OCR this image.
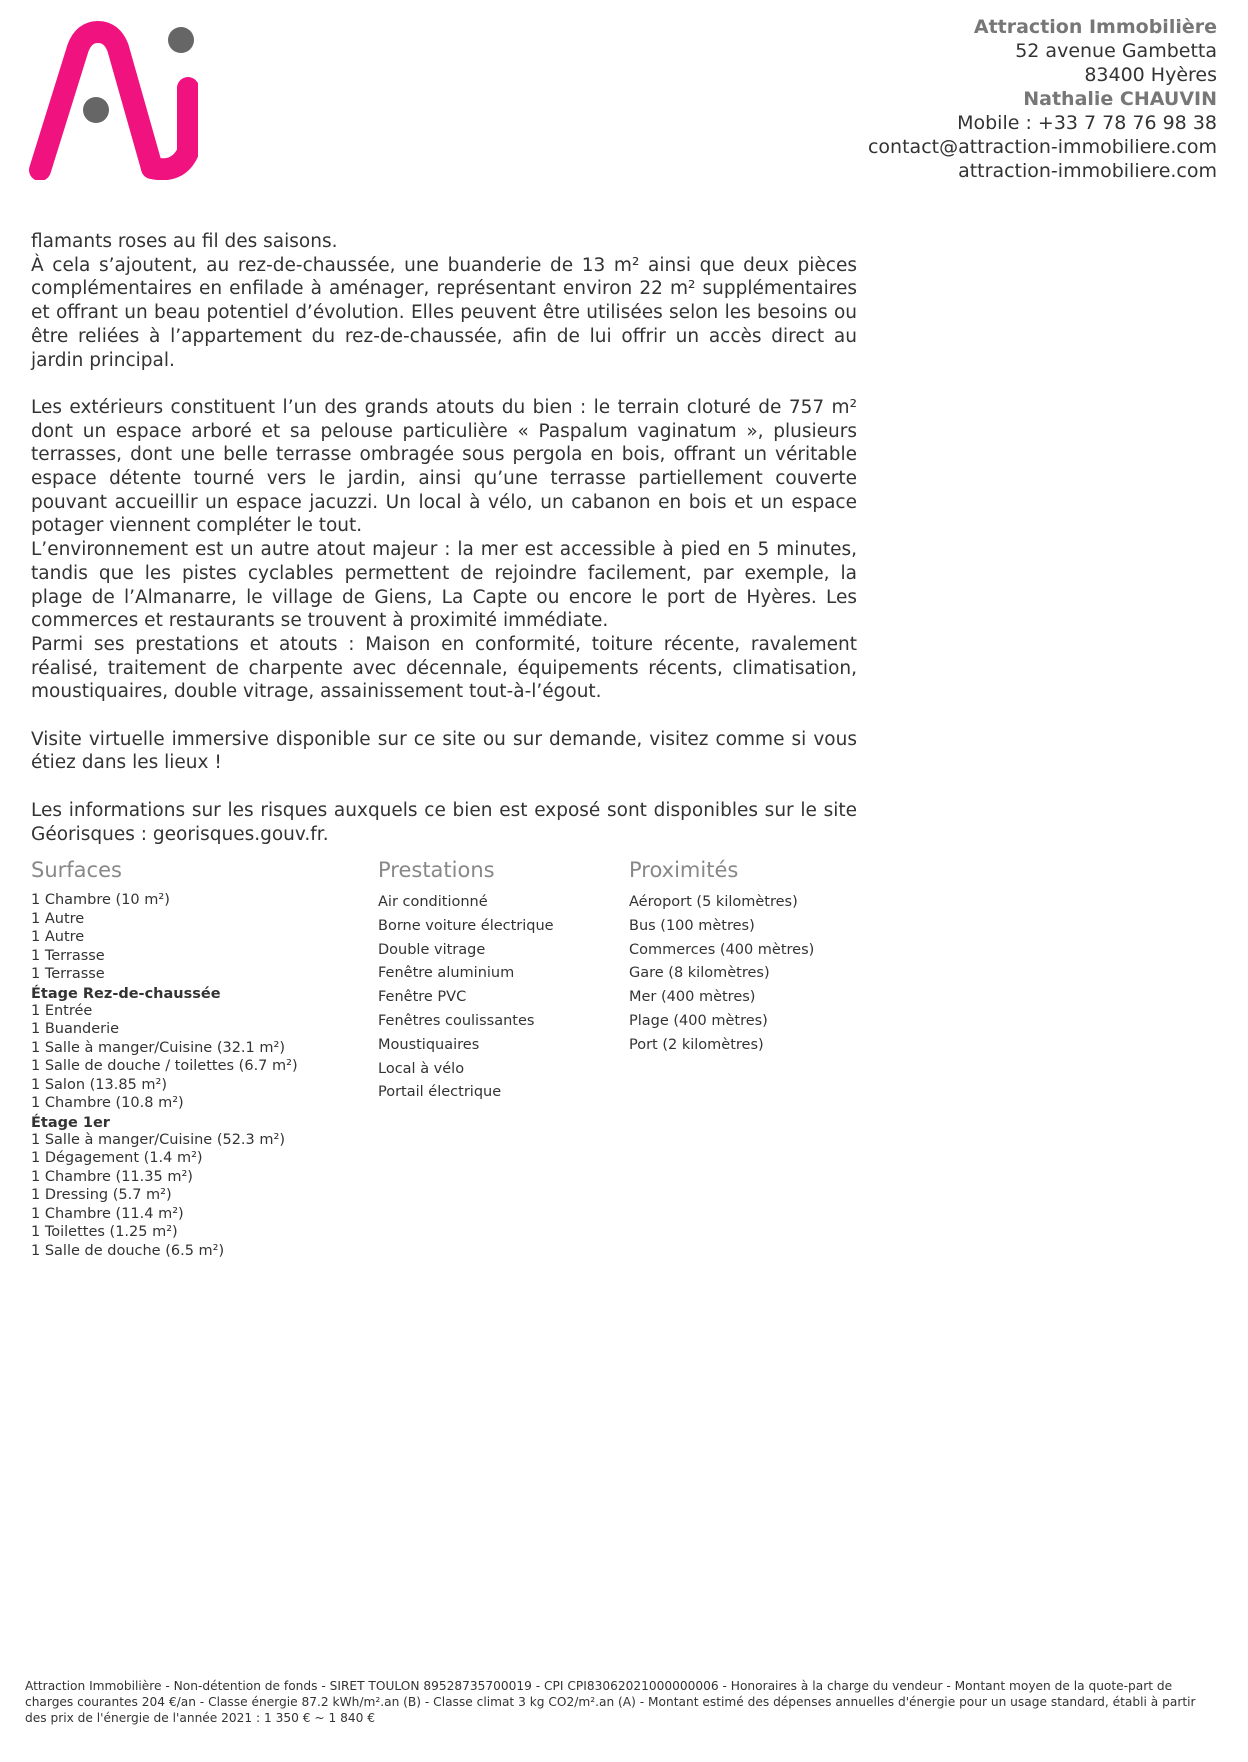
Attraction Immobilière
52 avenue Gambetta
83400 Hyères
Nathalie CHAUVIN
Mobile : +33 7 78 76 98 38
contact@attraction-immobiliere.com
attraction-immobiliere.com

flamants roses au fil des saisons.

À cela s’ajoutent, au rez-de-chaussée, une buanderie de 13 m² ainsi que deux pièces complémentaires en enfilade à aménager, représentant environ 22 m² supplémentaires et offrant un beau potentiel d’évolution. Elles peuvent être utilisées selon les besoins ou être reliées à l’appartement du rez-de-chaussée, afin de lui offrir un accès direct au jardin principal.

Les extérieurs constituent l’un des grands atouts du bien : le terrain cloturé de 757 m² dont un espace arboré et sa pelouse particulière « Paspalum vaginatum », plusieurs terrasses, dont une belle terrasse ombragée sous pergola en bois, offrant un véritable espace détente tourné vers le jardin, ainsi qu’une terrasse partiellement couverte pouvant accueillir un espace jacuzzi. Un local à vélo, un cabanon en bois et un espace potager viennent compléter le tout.

L’environnement est un autre atout majeur : la mer est accessible à pied en 5 minutes, tandis que les pistes cyclables permettent de rejoindre facilement, par exemple, la plage de l’Almanarre, le village de Giens, La Capte ou encore le port de Hyères. Les commerces et restaurants se trouvent à proximité immédiate.

Parmi ses prestations et atouts : Maison en conformité, toiture récente, ravalement réalisé, traitement de charpente avec décennale, équipements récents, climatisation, moustiquaires, double vitrage, assainissement tout-à-l’égout.

Visite virtuelle immersive disponible sur ce site ou sur demande, visitez comme si vous étiez dans les lieux !

Les informations sur les risques auxquels ce bien est exposé sont disponibles sur le site Géorisques : georisques.gouv.fr.

Surfaces
1 Chambre (10 m²)
1 Autre
1 Autre
1 Terrasse
1 Terrasse
Étage Rez-de-chaussée
1 Entrée
1 Buanderie
1 Salle à manger/Cuisine (32.1 m²)
1 Salle de douche / toilettes (6.7 m²)
1 Salon (13.85 m²)
1 Chambre (10.8 m²)
Étage 1er
1 Salle à manger/Cuisine (52.3 m²)
1 Dégagement (1.4 m²)
1 Chambre (11.35 m²)
1 Dressing (5.7 m²)
1 Chambre (11.4 m²)
1 Toilettes (1.25 m²)
1 Salle de douche (6.5 m²)
Prestations
Air conditionné
Borne voiture électrique
Double vitrage
Fenêtre aluminium
Fenêtre PVC
Fenêtres coulissantes
Moustiquaires
Local à vélo
Portail électrique
Proximités
Aéroport (5 kilomètres)
Bus (100 mètres)
Commerces (400 mètres)
Gare (8 kilomètres)
Mer (400 mètres)
Plage (400 mètres)
Port (2 kilomètres)
Attraction Immobilière - Non-détention de fonds - SIRET TOULON 89528735700019 - CPI CPI83062021000000006 - Honoraires à la charge du vendeur - Montant moyen de la quote-part de charges courantes 204 €/an - Classe énergie 87.2 kWh/m².an (B) - Classe climat 3 kg CO2/m².an (A) - Montant estimé des dépenses annuelles d'énergie pour un usage standard, établi à partir des prix de l'énergie de l'année 2021 : 1 350 € ~ 1 840 €
